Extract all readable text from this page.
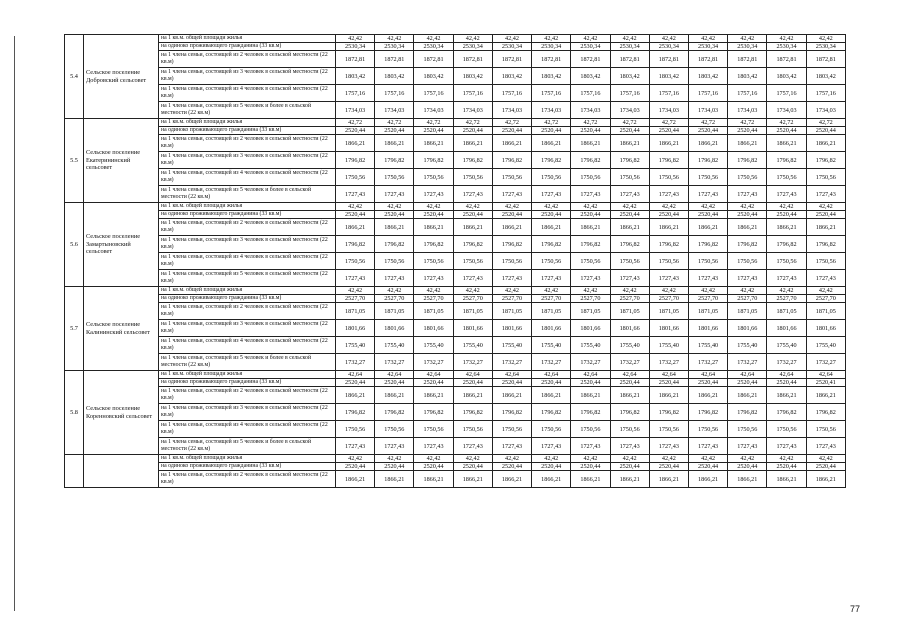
5.4	Сельское поселение Добровский сельсовет	на 1 кв.м. общей площади жилья	42,42	42,42	42,42	42,42	42,42	42,42	42,42	42,42	42,42	42,42	42,42	42,42	42,42
		на одиноко проживающего гражданина (33 кв.м)	2530,34	2530,34	2530,34	2530,34	2530,34	2530,34	2530,34	2530,34	2530,34	2530,34	2530,34	2530,34	2530,34
		на 1 члена семьи, состоящей из 2 человек в сельской местности (22 кв.м)	1872,81	1872,81	1872,81	1872,81	1872,81	1872,81	1872,81	1872,81	1872,81	1872,81	1872,81	1872,81	1872,81
		на 1 члена семьи, состоящей из 3 человек в сельской местности (22 кв.м)	1803,42	1803,42	1803,42	1803,42	1803,42	1803,42	1803,42	1803,42	1803,42	1803,42	1803,42	1803,42	1803,42
		на 1 члена семьи, состоящей из 4 человек в сельской местности (22 кв.м)	1757,16	1757,16	1757,16	1757,16	1757,16	1757,16	1757,16	1757,16	1757,16	1757,16	1757,16	1757,16	1757,16
		на 1 члена семьи, состоящей из 5 человек и более в сельской местности (22 кв.м)	1734,03	1734,03	1734,03	1734,03	1734,03	1734,03	1734,03	1734,03	1734,03	1734,03	1734,03	1734,03	1734,03
5.5	Сельское поселение Екатерининский сельсовет	на 1 кв.м. общей площади жилья	42,72	42,72	42,72	42,72	42,72	42,72	42,72	42,72	42,72	42,72	42,72	42,72	42,72
		на одиноко проживающего гражданина (33 кв.м)	2520,44	2520,44	2520,44	2520,44	2520,44	2520,44	2520,44	2520,44	2520,44	2520,44	2520,44	2520,44	2520,44
		на 1 члена семьи, состоящей из 2 человек в сельской местности (22 кв.м)	1866,21	1866,21	1866,21	1866,21	1866,21	1866,21	1866,21	1866,21	1866,21	1866,21	1866,21	1866,21	1866,21
		на 1 члена семьи, состоящей из 3 человек в сельской местности (22 кв.м)	1796,82	1796,82	1796,82	1796,82	1796,82	1796,82	1796,82	1796,82	1796,82	1796,82	1796,82	1796,82	1796,82
		на 1 члена семьи, состоящей из 4 человек в сельской местности (22 кв.м)	1750,56	1750,56	1750,56	1750,56	1750,56	1750,56	1750,56	1750,56	1750,56	1750,56	1750,56	1750,56	1750,56
		на 1 члена семьи, состоящей из 5 человек и более в сельской местности (22 кв.м)	1727,43	1727,43	1727,43	1727,43	1727,43	1727,43	1727,43	1727,43	1727,43	1727,43	1727,43	1727,43	1727,43
5.6	Сельское поселение Замартыновский сельсовет	на 1 кв.м. общей площади жилья	42,42	42,42	42,42	42,42	42,42	42,42	42,42	42,42	42,42	42,42	42,42	42,42	42,42
		на одиноко проживающего гражданина (33 кв.м)	2520,44	2520,44	2520,44	2520,44	2520,44	2520,44	2520,44	2520,44	2520,44	2520,44	2520,44	2520,44	2520,44
		на 1 члена семьи, состоящей из 2 человек в сельской местности (22 кв.м)	1866,21	1866,21	1866,21	1866,21	1866,21	1866,21	1866,21	1866,21	1866,21	1866,21	1866,21	1866,21	1866,21
		на 1 члена семьи, состоящей из 3 человек в сельской местности (22 кв.м)	1796,82	1796,82	1796,82	1796,82	1796,82	1796,82	1796,82	1796,82	1796,82	1796,82	1796,82	1796,82	1796,82
		на 1 члена семьи, состоящей из 4 человек в сельской местности (22 кв.м)	1750,56	1750,56	1750,56	1750,56	1750,56	1750,56	1750,56	1750,56	1750,56	1750,56	1750,56	1750,56	1750,56
		на 1 члена семьи, состоящей из 5 человек в сельской местности (22 кв.м)	1727,43	1727,43	1727,43	1727,43	1727,43	1727,43	1727,43	1727,43	1727,43	1727,43	1727,43	1727,43	1727,43
5.7	Сельское поселение Калининский сельсовет	на 1 кв.м. общей площади жилья	42,42	42,42	42,42	42,42	42,42	42,42	42,42	42,42	42,42	42,42	42,42	42,42	42,42
		на одиноко проживающего гражданина (33 кв.м)	2527,70	2527,70	2527,70	2527,70	2527,70	2527,70	2527,70	2527,70	2527,70	2527,70	2527,70	2527,70	2527,70
		на 1 члена семьи, состоящей из 2 человек в сельской местности (22 кв.м)	1871,05	1871,05	1871,05	1871,05	1871,05	1871,05	1871,05	1871,05	1871,05	1871,05	1871,05	1871,05	1871,05
		на 1 члена семьи, состоящей из 3 человек в сельской местности (22 кв.м)	1801,66	1801,66	1801,66	1801,66	1801,66	1801,66	1801,66	1801,66	1801,66	1801,66	1801,66	1801,66	1801,66
		на 1 члена семьи, состоящей из 4 человек в сельской местности (22 кв.м)	1755,40	1755,40	1755,40	1755,40	1755,40	1755,40	1755,40	1755,40	1755,40	1755,40	1755,40	1755,40	1755,40
		на 1 члена семьи, состоящей из 5 человек и более в сельской местности (22 кв.м)	1732,27	1732,27	1732,27	1732,27	1732,27	1732,27	1732,27	1732,27	1732,27	1732,27	1732,27	1732,27	1732,27
5.8	Сельское поселение Коренновский сельсовет	на 1 кв.м. общей площади жилья	42,64	42,64	42,64	42,64	42,64	42,64	42,64	42,64	42,64	42,64	42,64	42,64	42,64
		на одиноко проживающего гражданина (33 кв.м)	2520,44	2520,44	2520,44	2520,44	2520,44	2520,44	2520,44	2520,44	2520,44	2520,44	2520,44	2520,44	2520,41
		на 1 члена семьи, состоящей из 2 человек в сельской местности (22 кв.м)	1866,21	1866,21	1866,21	1866,21	1866,21	1866,21	1866,21	1866,21	1866,21	1866,21	1866,21	1866,21	1866,21
		на 1 члена семьи, состоящей из 3 человек в сельской местности (22 кв.м)	1796,82	1796,82	1796,82	1796,82	1796,82	1796,82	1796,82	1796,82	1796,82	1796,82	1796,82	1796,82	1796,82
		на 1 члена семьи, состоящей из 4 человек в сельской местности (22 кв.м)	1750,56	1750,56	1750,56	1750,56	1750,56	1750,56	1750,56	1750,56	1750,56	1750,56	1750,56	1750,56	1750,56
		на 1 члена семьи, состоящей из 5 человек и более в сельской местности (22 кв.м)	1727,43	1727,43	1727,43	1727,43	1727,43	1727,43	1727,43	1727,43	1727,43	1727,43	1727,43	1727,43	1727,43
		на 1 кв.м. общей площади жилья	42,42	42,42	42,42	42,42	42,42	42,42	42,42	42,42	42,42	42,42	42,42	42,42	42,42
		на одиноко проживающего гражданина (33 кв.м)	2520,44	2520,44	2520,44	2520,44	2520,44	2520,44	2520,44	2520,44	2520,44	2520,44	2520,44	2520,44	2520,44
		на 1 члена семьи, состоящей из 2 человек в сельской местности (22 кв.м)	1866,21	1866,21	1866,21	1866,21	1866,21	1866,21	1866,21	1866,21	1866,21	1866,21	1866,21	1866,21	1866,21
77
